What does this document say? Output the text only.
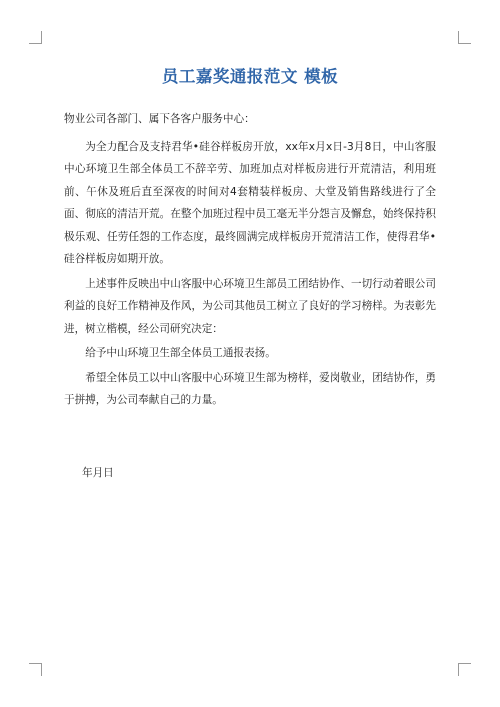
员工嘉奖通报范文 模板

物业公司各部门、属下各客户服务中心：

为全力配合及支持君华•硅谷样板房开放，xx年x月x日-3月8日，中山客服中心环境卫生部全体员工不辞辛劳、加班加点对样板房进行开荒清洁，利用班前、午休及班后直至深夜的时间对4套精装样板房、大堂及销售路线进行了全面、彻底的清洁开荒。在整个加班过程中员工毫无半分怨言及懈怠，始终保持积极乐观、任劳任怨的工作态度，最终圆满完成样板房开荒清洁工作，使得君华•硅谷样板房如期开放。

上述事件反映出中山客服中心环境卫生部员工团结协作、一切行动着眼公司利益的良好工作精神及作风，为公司其他员工树立了良好的学习榜样。为表彰先进，树立楷模，经公司研究决定：

给予中山环境卫生部全体员工通报表扬。

希望全体员工以中山客服中心环境卫生部为榜样，爱岗敬业，团结协作，勇于拼搏，为公司奉献自己的力量。

年月日
